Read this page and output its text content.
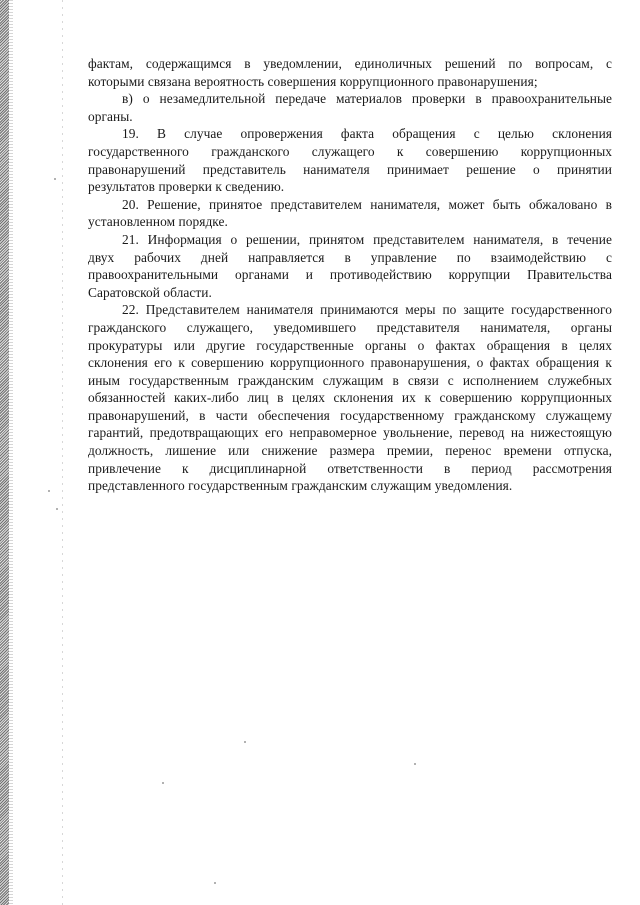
фактам, содержащимся в уведомлении, единоличных решений по вопросам, с
которыми связана вероятность совершения коррупционного правонарушения;
в) о незамедлительной передаче материалов проверки в правоохранительные
органы.
19. В случае опровержения факта обращения с целью склонения
государственного гражданского служащего к совершению коррупционных
правонарушений представитель нанимателя принимает решение о принятии
результатов проверки к сведению.
20. Решение, принятое представителем нанимателя, может быть обжаловано в
установленном порядке.
21. Информация о решении, принятом представителем нанимателя, в течение
двух рабочих дней направляется в управление по взаимодействию с
правоохранительными органами и противодействию коррупции Правительства
Саратовской области.
22. Представителем нанимателя принимаются меры по защите государственного
гражданского служащего, уведомившего представителя нанимателя, органы
прокуратуры или другие государственные органы о фактах обращения в целях
склонения его к совершению коррупционного правонарушения, о фактах обращения к
иным государственным гражданским служащим в связи с исполнением служебных
обязанностей каких-либо лиц в целях склонения их к совершению коррупционных
правонарушений, в части обеспечения государственному гражданскому служащему
гарантий, предотвращающих его неправомерное увольнение, перевод на нижестоящую
должность, лишение или снижение размера премии, перенос времени отпуска,
привлечение к дисциплинарной ответственности в период рассмотрения
представленного государственным гражданским служащим уведомления.
